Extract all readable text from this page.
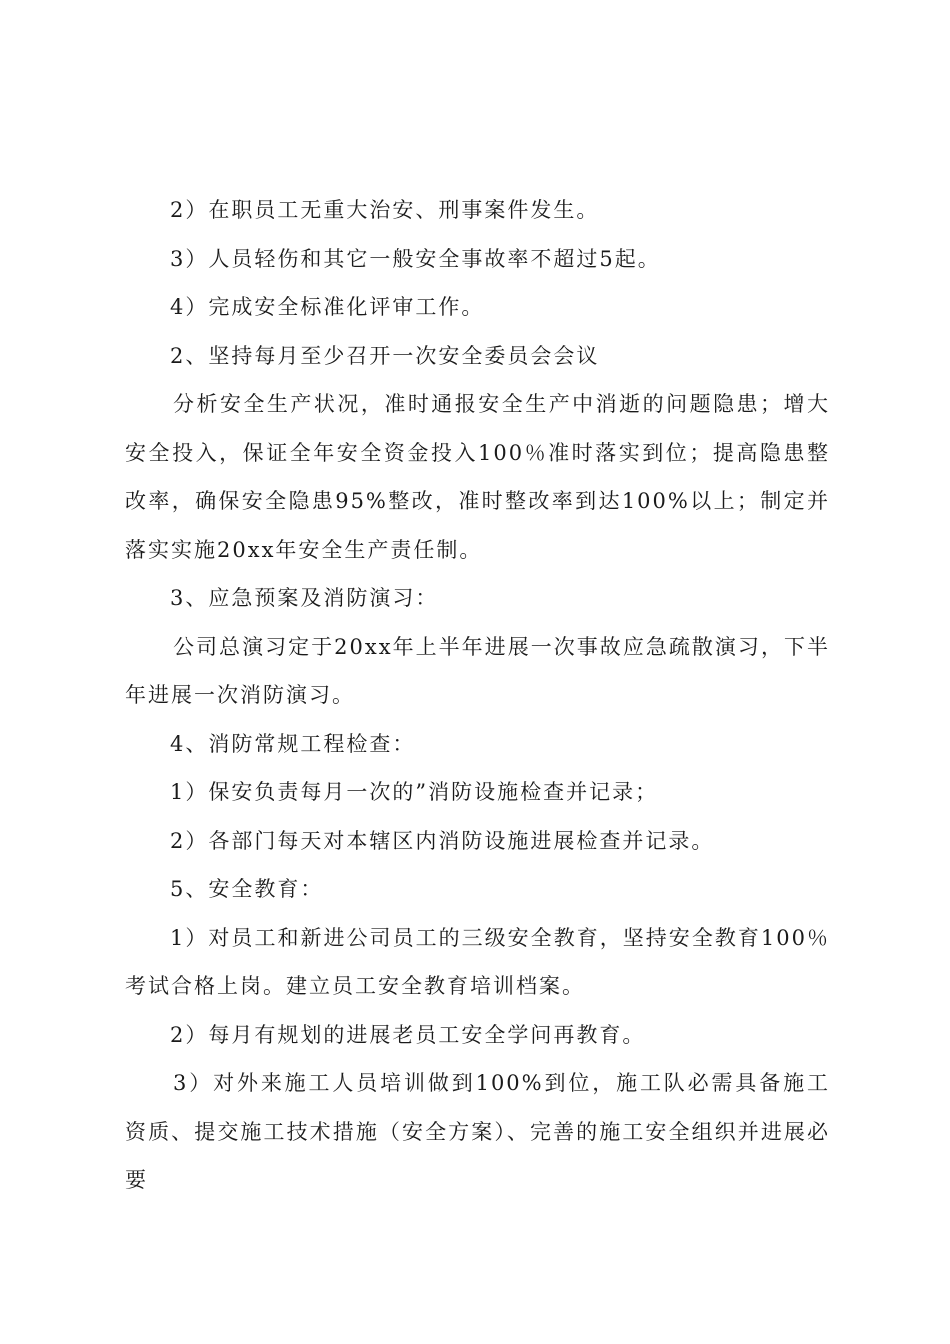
2）在职员工无重大治安、刑事案件发生。

3）人员轻伤和其它一般安全事故率不超过5起。

4）完成安全标准化评审工作。

2、坚持每月至少召开一次安全委员会会议

分析安全生产状况，准时通报安全生产中消逝的问题隐患；增大安全投入，保证全年安全资金投入100％准时落实到位；提高隐患整改率，确保安全隐患95%整改，准时整改率到达100%以上；制定并落实实施20xx年安全生产责任制。

3、应急预案及消防演习：

公司总演习定于20xx年上半年进展一次事故应急疏散演习，下半年进展一次消防演习。

4、消防常规工程检查：

1）保安负责每月一次的”消防设施检查并记录；

2）各部门每天对本辖区内消防设施进展检查并记录。

5、安全教育：

1）对员工和新进公司员工的三级安全教育，坚持安全教育100％考试合格上岗。建立员工安全教育培训档案。

2）每月有规划的进展老员工安全学问再教育。

3）对外来施工人员培训做到100%到位，施工队必需具备施工资质、提交施工技术措施（安全方案）、完善的施工安全组织并进展必要
